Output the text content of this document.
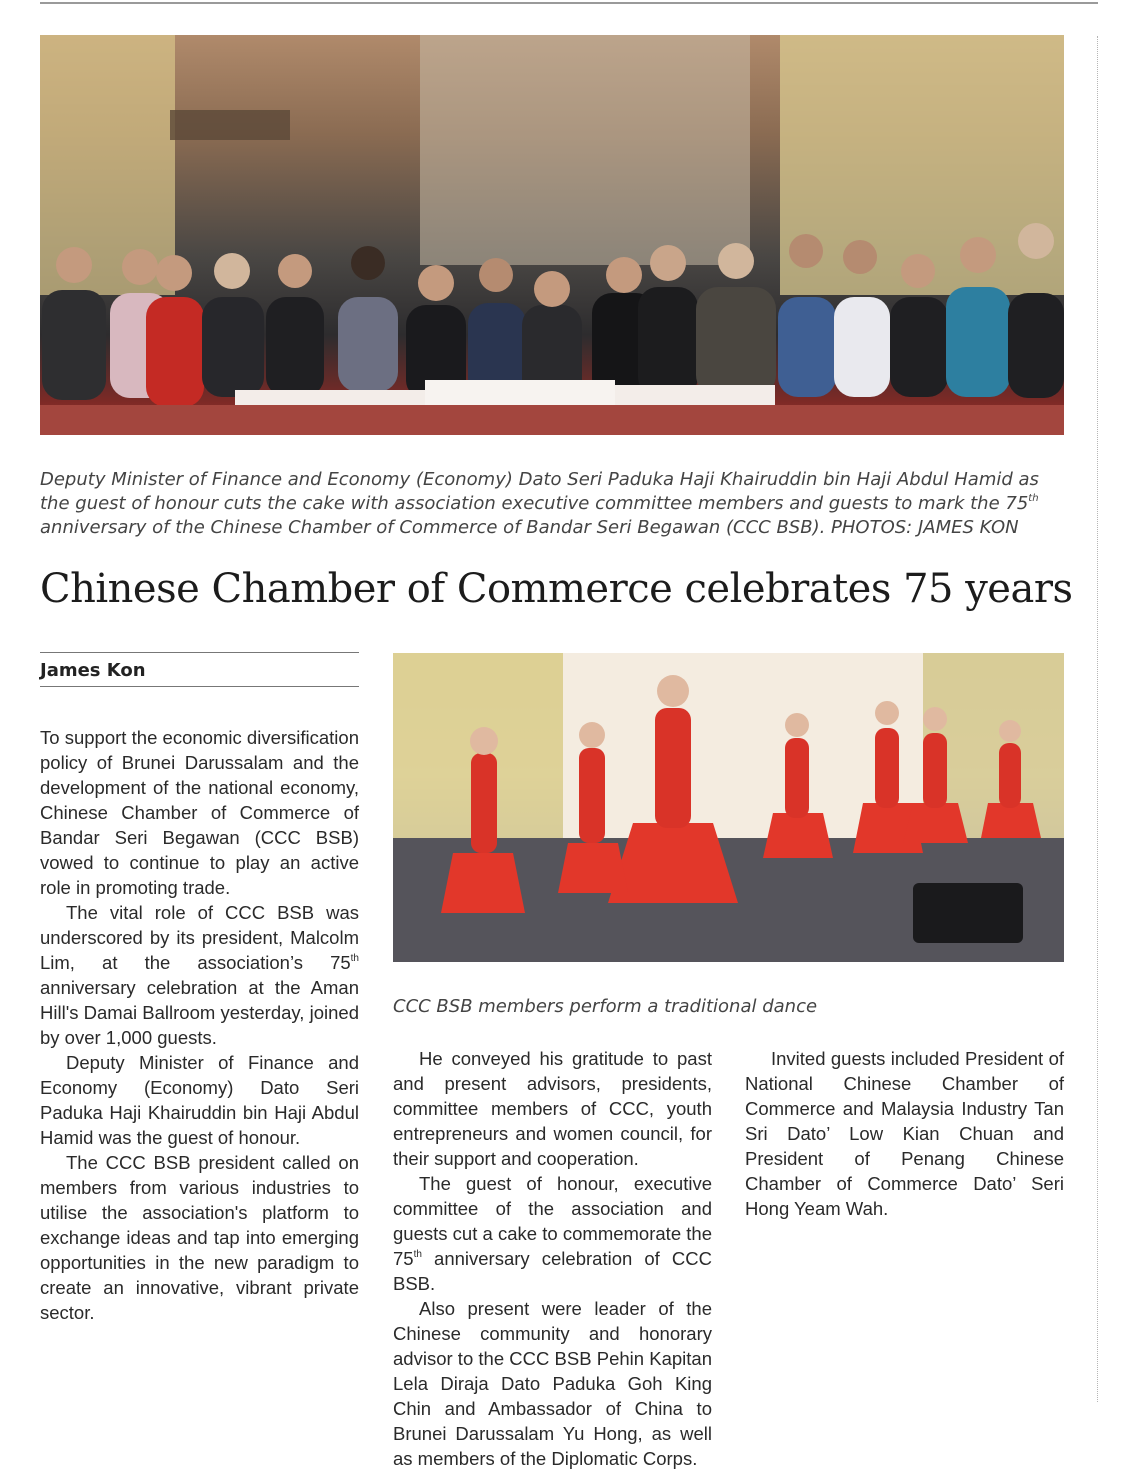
Deputy Minister of Finance and Economy (Economy) Dato Seri Paduka Haji Khairuddin bin Haji Abdul Hamid as the guest of honour cuts the cake with association executive committee members and guests to mark the 75th anniversary of the Chinese Chamber of Commerce of Bandar Seri Begawan (CCC BSB). PHOTOS: JAMES KON
Chinese Chamber of Commerce celebrates 75 years
James Kon

To support the economic diversification policy of Brunei Darussalam and the development of the national economy, Chinese Chamber of Commerce of Bandar Seri Begawan (CCC BSB) vowed to continue to play an active role in promoting trade.

The vital role of CCC BSB was underscored by its president, Malcolm Lim, at the association’s 75th anniversary celebration at the Aman Hill's Damai Ballroom yesterday, joined by over 1,000 guests.

Deputy Minister of Finance and Economy (Economy) Dato Seri Paduka Haji Khairuddin bin Haji Abdul Hamid was the guest of honour.

The CCC BSB president called on members from various industries to utilise the association's platform to exchange ideas and tap into emerging opportunities in the new paradigm to create an innovative, vibrant private sector.

CCC BSB members perform a traditional dance

He conveyed his gratitude to past and present advisors, presidents, committee members of CCC, youth entrepreneurs and women council, for their support and cooperation.

The guest of honour, executive committee of the association and guests cut a cake to commemorate the 75th anniversary celebration of CCC BSB.

Also present were leader of the Chinese community and honorary advisor to the CCC BSB Pehin Kapitan Lela Diraja Dato Paduka Goh King Chin and Ambassador of China to Brunei Darussalam Yu Hong, as well as members of the Diplomatic Corps.

Invited guests included President of National Chinese Chamber of Commerce and Malaysia Industry Tan Sri Dato’ Low Kian Chuan and President of Penang Chinese Chamber of Commerce Dato’ Seri Hong Yeam Wah.
